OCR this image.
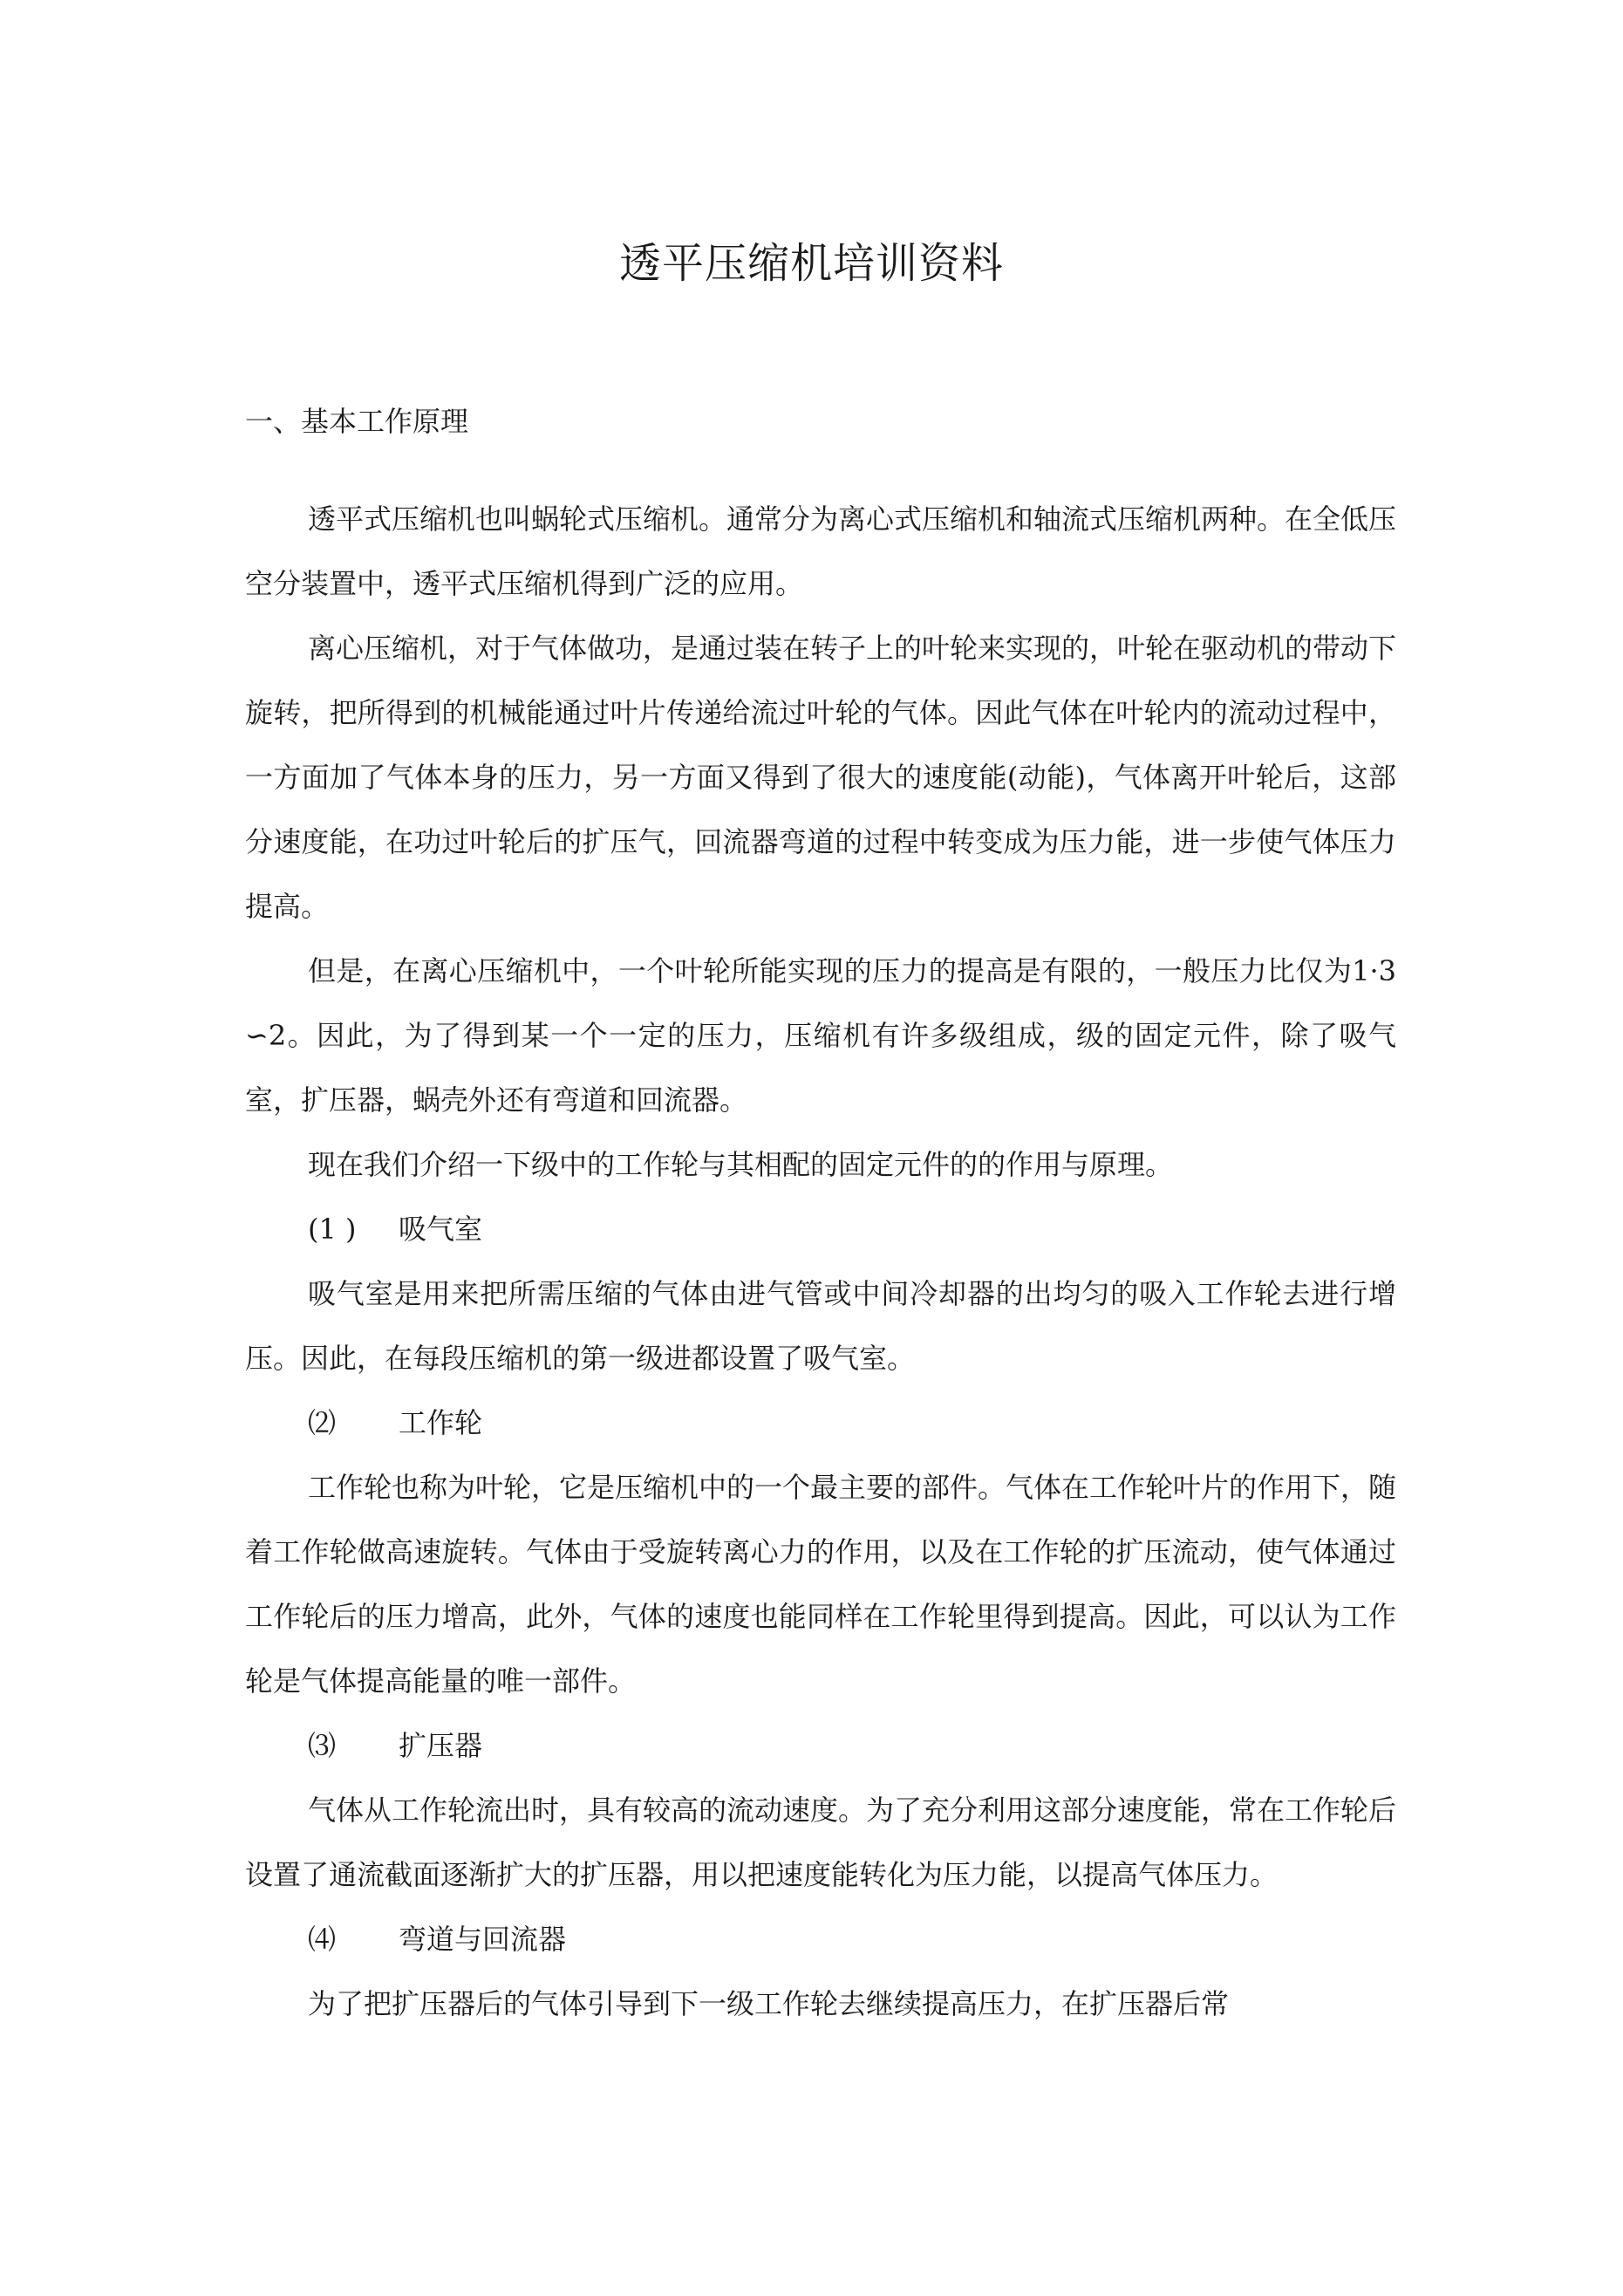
透平压缩机培训资料
一、基本工作原理

透平式压缩机也叫蜗轮式压缩机。通常分为离心式压缩机和轴流式压缩机两种。在全低压空分装置中，透平式压缩机得到广泛的应用。

离心压缩机，对于气体做功，是通过装在转子上的叶轮来实现的，叶轮在驱动机的带动下旋转，把所得到的机械能通过叶片传递给流过叶轮的气体。因此气体在叶轮内的流动过程中，一方面加了气体本身的压力，另一方面又得到了很大的速度能(动能)，气体离开叶轮后，这部分速度能，在功过叶轮后的扩压气，回流器弯道的过程中转变成为压力能，进一步使气体压力提高。

但是，在离心压缩机中，一个叶轮所能实现的压力的提高是有限的，一般压力比仅为1·3∽2。因此，为了得到某一个一定的压力，压缩机有许多级组成，级的固定元件，除了吸气室，扩压器，蜗壳外还有弯道和回流器。

现在我们介绍一下级中的工作轮与其相配的固定元件的的作用与原理。

(1 ) 吸气室

吸气室是用来把所需压缩的气体由进气管或中间冷却器的出均匀的吸入工作轮去进行增压。因此，在每段压缩机的第一级进都设置了吸气室。

⑵ 工作轮

工作轮也称为叶轮，它是压缩机中的一个最主要的部件。气体在工作轮叶片的作用下，随着工作轮做高速旋转。气体由于受旋转离心力的作用，以及在工作轮的扩压流动，使气体通过工作轮后的压力增高，此外，气体的速度也能同样在工作轮里得到提高。因此，可以认为工作轮是气体提高能量的唯一部件。

⑶ 扩压器

气体从工作轮流出时，具有较高的流动速度。为了充分利用这部分速度能，常在工作轮后设置了通流截面逐渐扩大的扩压器，用以把速度能转化为压力能，以提高气体压力。

⑷ 弯道与回流器

为了把扩压器后的气体引导到下一级工作轮去继续提高压力，在扩压器后常
